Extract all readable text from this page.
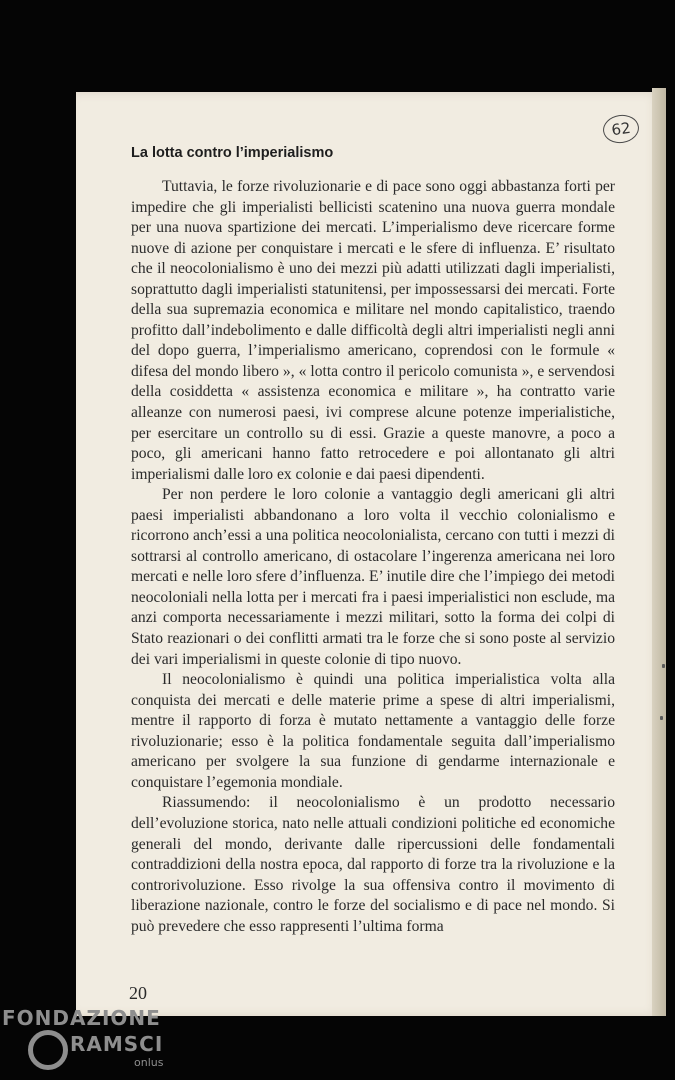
62
La lotta contro l’imperialismo

Tuttavia, le forze rivoluzionarie e di pace sono oggi abbastanza forti per impedire che gli imperialisti bellicisti scatenino una nuova guerra mondale per una nuova spartizione dei mercati. L’imperialismo deve ricercare forme nuove di azione per conquistare i mercati e le sfere di influenza. E’ risultato che il neocolonialismo è uno dei mezzi più adatti utilizzati dagli imperialisti, soprattutto dagli imperialisti statunitensi, per impossessarsi dei mercati. Forte della sua supremazia economica e militare nel mondo capitalistico, traendo profitto dall’indebolimento e dalle difficoltà degli altri imperialisti negli anni del dopo guerra, l’imperialismo americano, coprendosi con le formule « difesa del mondo libero », « lotta contro il pericolo comunista », e servendosi della cosiddetta « assistenza economica e militare », ha contratto varie alleanze con numerosi paesi, ivi comprese alcune potenze imperialistiche, per esercitare un controllo su di essi. Grazie a queste manovre, a poco a poco, gli americani hanno fatto retrocedere e poi allontanato gli altri imperialismi dalle loro ex colonie e dai paesi dipendenti.

Per non perdere le loro colonie a vantaggio degli americani gli altri paesi imperialisti abbandonano a loro volta il vecchio colonialismo e ricorrono anch’essi a una politica neocolonialista, cercano con tutti i mezzi di sottrarsi al controllo americano, di ostacolare l’ingerenza americana nei loro mercati e nelle loro sfere d’influenza. E’ inutile dire che l’impiego dei metodi neocoloniali nella lotta per i mercati fra i paesi imperialistici non esclude, ma anzi comporta necessariamente i mezzi militari, sotto la forma dei colpi di Stato reazionari o dei conflitti armati tra le forze che si sono poste al servizio dei vari imperialismi in queste colonie di tipo nuovo.

Il neocolonialismo è quindi una politica imperialistica volta alla conquista dei mercati e delle materie prime a spese di altri imperialismi, mentre il rapporto di forza è mutato nettamente a vantaggio delle forze rivoluzionarie; esso è la politica fondamentale seguita dall’imperialismo americano per svolgere la sua funzione di gendarme internazionale e conquistare l’egemonia mondiale.

Riassumendo: il neocolonialismo è un prodotto necessario dell’evoluzione storica, nato nelle attuali condizioni politiche ed economiche generali del mondo, derivante dalle ripercussioni delle fondamentali contraddizioni della nostra epoca, dal rapporto di forze tra la rivoluzione e la controrivoluzione. Esso rivolge la sua offensiva contro il movimento di liberazione nazionale, contro le forze del socialismo e di pace nel mondo. Si può prevedere che esso rappresenti l’ultima forma

20
FONDAZIONE
RAMSCI
onlus
